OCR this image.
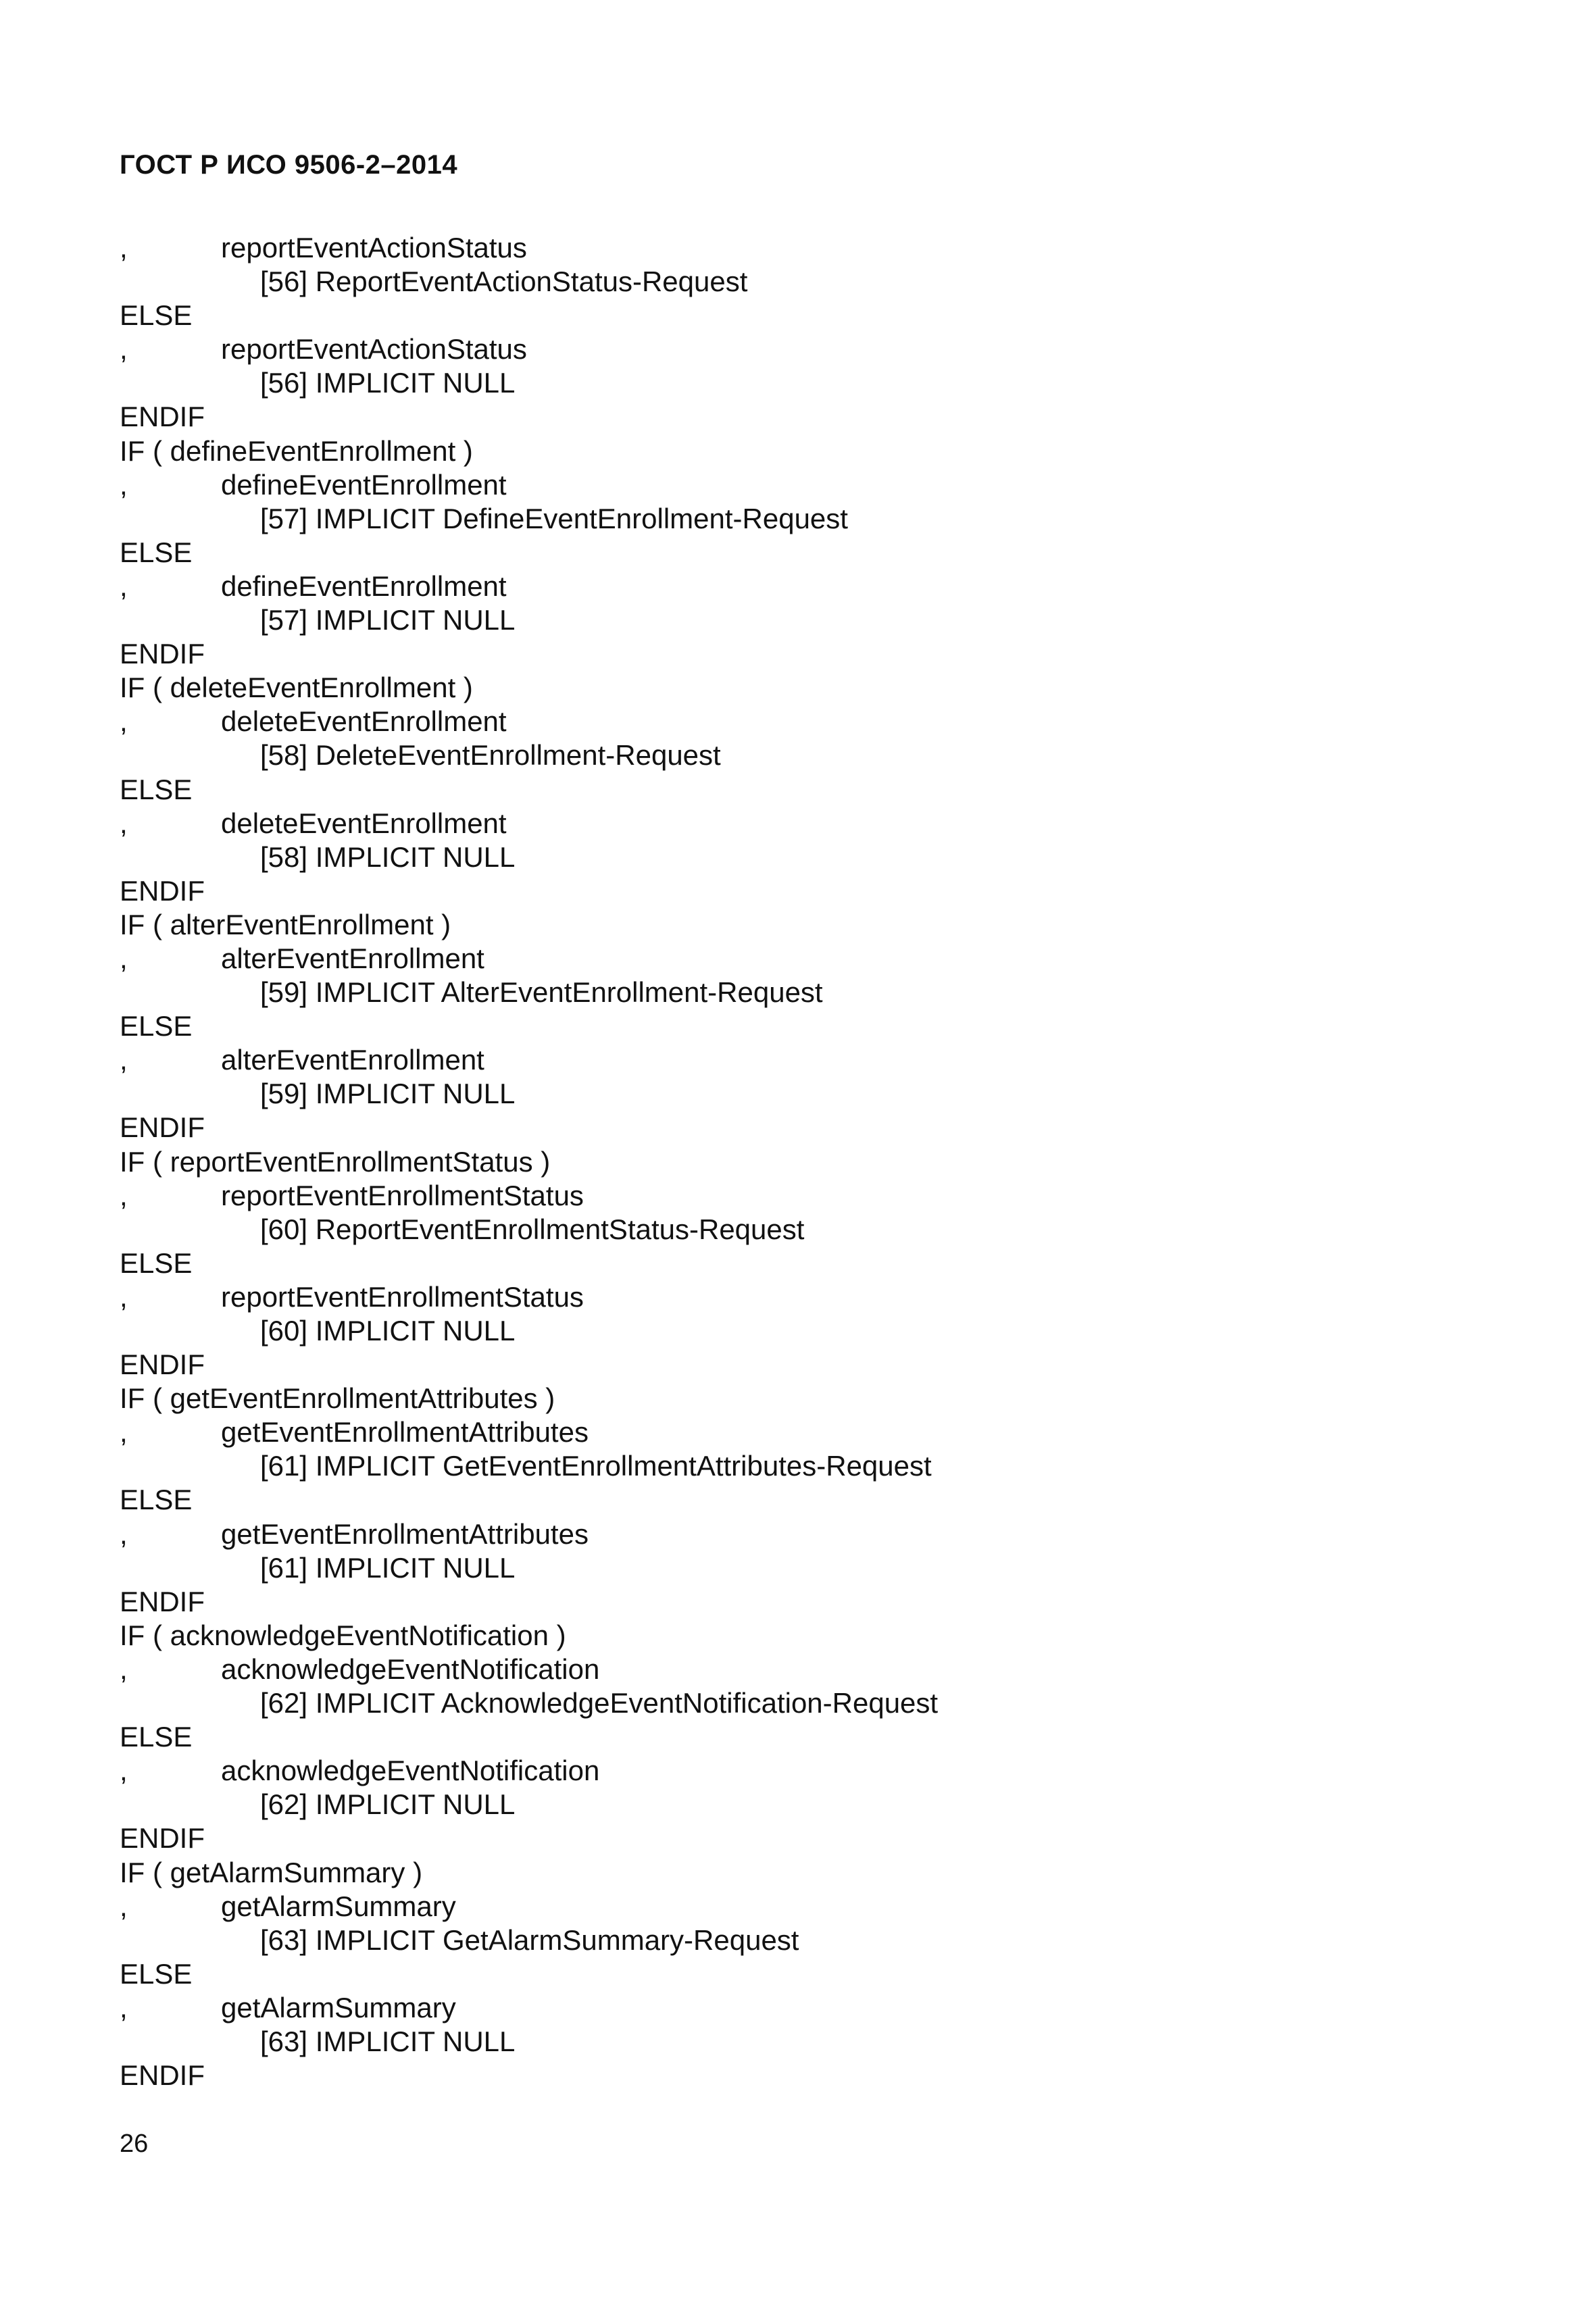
ГОСТ Р ИСО 9506-2–2014
,	reportEventActionStatus
[56] ReportEventActionStatus-Request
ELSE
,	reportEventActionStatus
[56] IMPLICIT NULL
ENDIF
IF ( defineEventEnrollment )
,	defineEventEnrollment
[57] IMPLICIT DefineEventEnrollment-Request
ELSE
,	defineEventEnrollment
[57] IMPLICIT NULL
ENDIF
IF ( deleteEventEnrollment )
,	deleteEventEnrollment
[58] DeleteEventEnrollment-Request
ELSE
,	deleteEventEnrollment
[58] IMPLICIT NULL
ENDIF
IF ( alterEventEnrollment )
,	alterEventEnrollment
[59] IMPLICIT AlterEventEnrollment-Request
ELSE
,	alterEventEnrollment
[59] IMPLICIT NULL
ENDIF
IF ( reportEventEnrollmentStatus )
,	reportEventEnrollmentStatus
[60] ReportEventEnrollmentStatus-Request
ELSE
,	reportEventEnrollmentStatus
[60] IMPLICIT NULL
ENDIF
IF ( getEventEnrollmentAttributes )
,	getEventEnrollmentAttributes
[61] IMPLICIT GetEventEnrollmentAttributes-Request
ELSE
,	getEventEnrollmentAttributes
[61] IMPLICIT NULL
ENDIF
IF ( acknowledgeEventNotification )
,	acknowledgeEventNotification
[62] IMPLICIT AcknowledgeEventNotification-Request
ELSE
,	acknowledgeEventNotification
[62] IMPLICIT NULL
ENDIF
IF ( getAlarmSummary )
,	getAlarmSummary
[63] IMPLICIT GetAlarmSummary-Request
ELSE
,	getAlarmSummary
[63] IMPLICIT NULL
ENDIF
26
